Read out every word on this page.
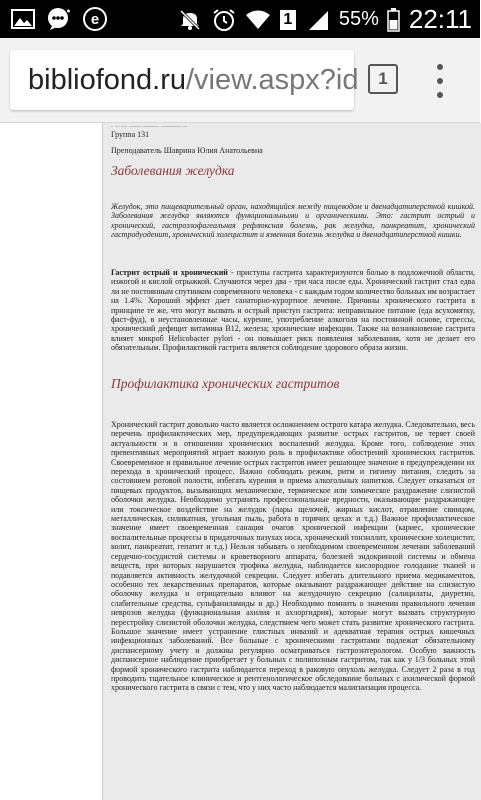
e	1 55% 22:11
bibliofond.ru/view.aspx?id 1
. .. ... ...... ........ .......... ..

Группа 131

Преподаватель Шаврина Юлия Анатольевна

Заболевания желудка

Желудок, это пищеварительный орган, находящийся между пищеводом и двенадцатиперстной кишкой. Заболевания желудка являются функциональными и органическими. Это: гастрит острый и хронический, гастроэзофагеальная рефлюксная болезнь, рак желудка, панкреатит, хронический гастродуоденит, хронический холецистит и язвенная болезнь желудка и двенадцатиперстной кишки.

Гастрит острый и хронический - приступы гастрита характеризуются болью в подложечной области, изжогой и кислой отрыжкой. Случаются через два - три часа после еды. Хронический гастрит стал едва ли не постоянным спутником современного человека - с каждым годом количество больных им возрастает на 1.4%. Хороший эффект дает санаторно-курортное лечение. Причины хронического гастрита в принципе те же, что могут вызвать и острый приступ гастрита: неправильное питание (еда всухомятку, фаст-фуд), в неустановленные часы, курение, употребление алкоголя на постоянной основе, стрессы, хронический дефицит витамина В12, железа; хронические инфекции. Также на возникновение гастрита влияет микроб Helicobacter pylori - он повышает риск появления заболевания, хотя не делает его обязательным. Профилактикой гастрита является соблюдение здорового образа жизни.

Профилактика хронических гастритов

Хронический гастрит довольно часто является осложнением острого катара желудка. Следовательно, весь перечень профилактических мер, предупреждающих развитие острых гастритов, не теряет своей актуальности и в отношении хронических воспалений желудка. Кроме того, соблюдение этих превентивных мероприятий играет важную роль в профилактике обострений хронических гастритов. Своевременное и правильное лечение острых гастритов имеет решающее значение в предупреждении их перехода в хронический процесс. Важно соблюдать режим, ритм и гигиену питания, следить за состоянием ротовой полости, избегать курения и приема алкогольных напитков. Следует отказаться от пищевых продуктов, вызывающих механическое, термическое или химическое раздражение слизистой оболочки желудка. Необходимо устранять профессиональные вредности, оказывающие раздражающее или токсическое воздействие на желудок (пары щелочей, жирных кислот, отравление свинцом, металлическая, силикатная, угольная пыль, работа в горячих цехах и т.д.) Важное профилактическое значение имеет своевременная санация очагов хронической инфекции (кариес, хронические воспалительные процессы в придаточных пазухах носа, хронический тонзиллит, хронические холецистит, колит, панкреатит, гепатит и т.д.) Нельзя забывать о необходимом своевременном лечении заболеваний сердечно-сосудистой системы и кроветворного аппарата, болезней эндокринной системы и обмена веществ, при которых нарушается трофика желудка, наблюдается кислородное голодание тканей и подавляется активность желудочной секреции. Следует избегать длительного приема медикаментов, особенно тех лекарственных препаратов, которые оказывают раздражающее действие на слизистую оболочку желудка и отрицательно влияют на желудочную секрецию (салицилаты, диуретин, слабительные средства, сульфаниламиды и др.) Необходимо помнить о значении правильного лечения неврозов желудка (функциональная ахилия и ахлоргидрия), которые могут вызвать структурную перестройку слизистой оболочки желудка, следствием чего может стать развитие хронического гастрита. Большое значение имеет устранение глистных инвазий и адекватная терапия острых кишечных инфекционных заболеваний. Все больные с хроническими гастритами подлежат обязательному диспансерному учету и должны регулярно осматриваться гастроэнтерологом. Особую важность диспансерное наблюдение приобретает у больных с полипозным гастритом, так как у 1/3 больных этой формой хронического гастрита наблюдается переход в раковую опухоль желудка. Следует 2 раза в год проводить тщательное клиническое и рентгенологическое обследование больных с ахилической формой хронического гастрита в связи с тем, что у них часто наблюдается малигнизация процесса.
